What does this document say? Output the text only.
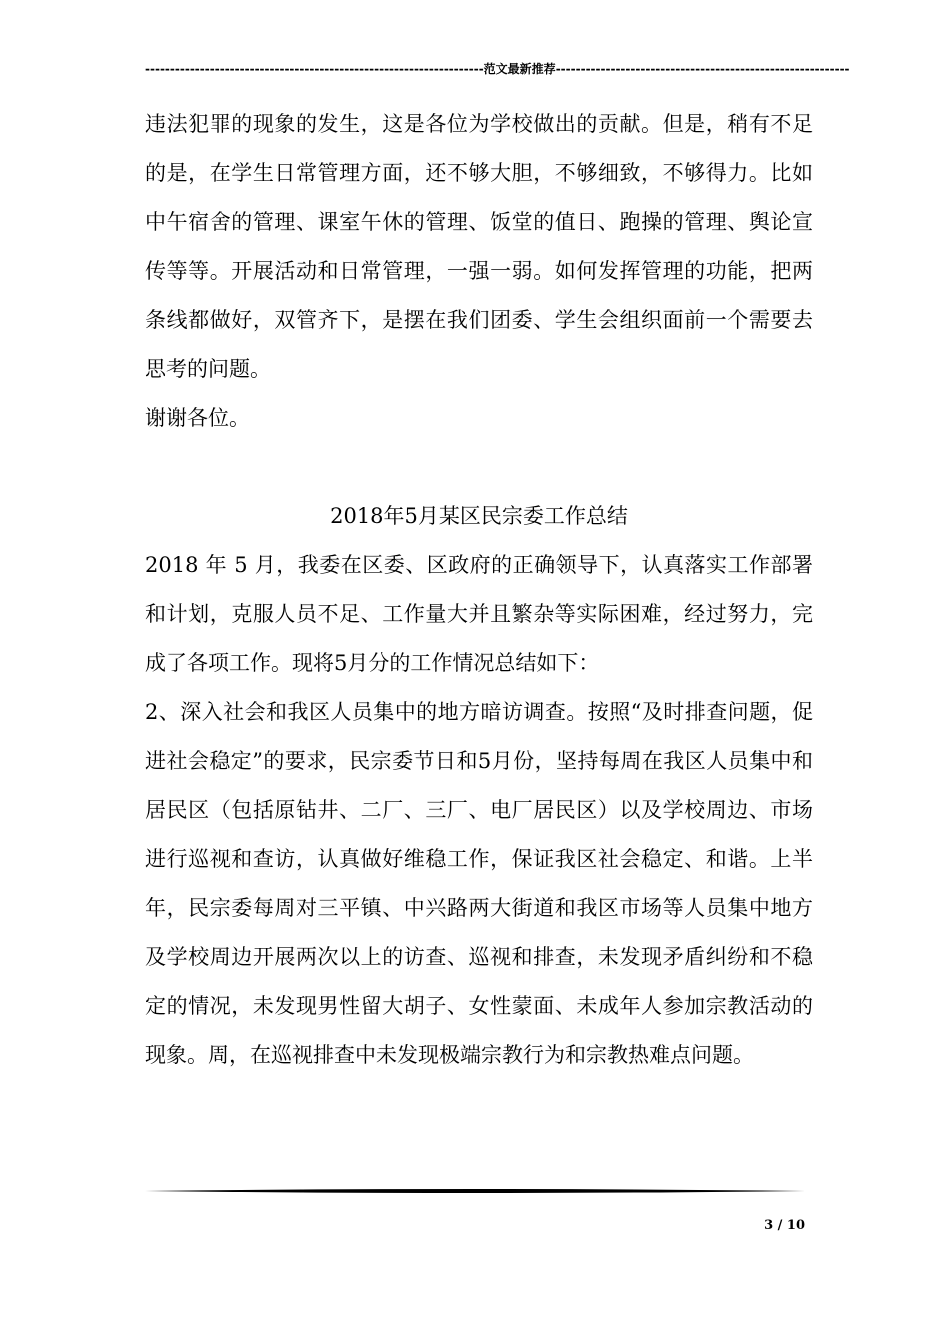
--------------------------------------------------------------------范文最新推荐-----------------------------------------------------------

违法犯罪的现象的发生，这是各位为学校做出的贡献。但是，稍有不足的是，在学生日常管理方面，还不够大胆，不够细致，不够得力。比如中午宿舍的管理、课室午休的管理、饭堂的值日、跑操的管理、舆论宣传等等。开展活动和日常管理，一强一弱。如何发挥管理的功能，把两条线都做好，双管齐下，是摆在我们团委、学生会组织面前一个需要去思考的问题。

谢谢各位。

2018年5月某区民宗委工作总结

2018 年 5 月，我委在区委、区政府的正确领导下，认真落实工作部署和计划，克服人员不足、工作量大并且繁杂等实际困难，经过努力，完成了各项工作。现将5月分的工作情况总结如下：

2、深入社会和我区人员集中的地方暗访调查。按照“及时排查问题，促进社会稳定”的要求，民宗委节日和5月份，坚持每周在我区人员集中和居民区（包括原钻井、二厂、三厂、电厂居民区）以及学校周边、市场进行巡视和查访，认真做好维稳工作，保证我区社会稳定、和谐。上半年，民宗委每周对三平镇、中兴路两大街道和我区市场等人员集中地方及学校周边开展两次以上的访查、巡视和排查，未发现矛盾纠纷和不稳定的情况，未发现男性留大胡子、女性蒙面、未成年人参加宗教活动的现象。周，在巡视排查中未发现极端宗教行为和宗教热难点问题。

3 / 10
